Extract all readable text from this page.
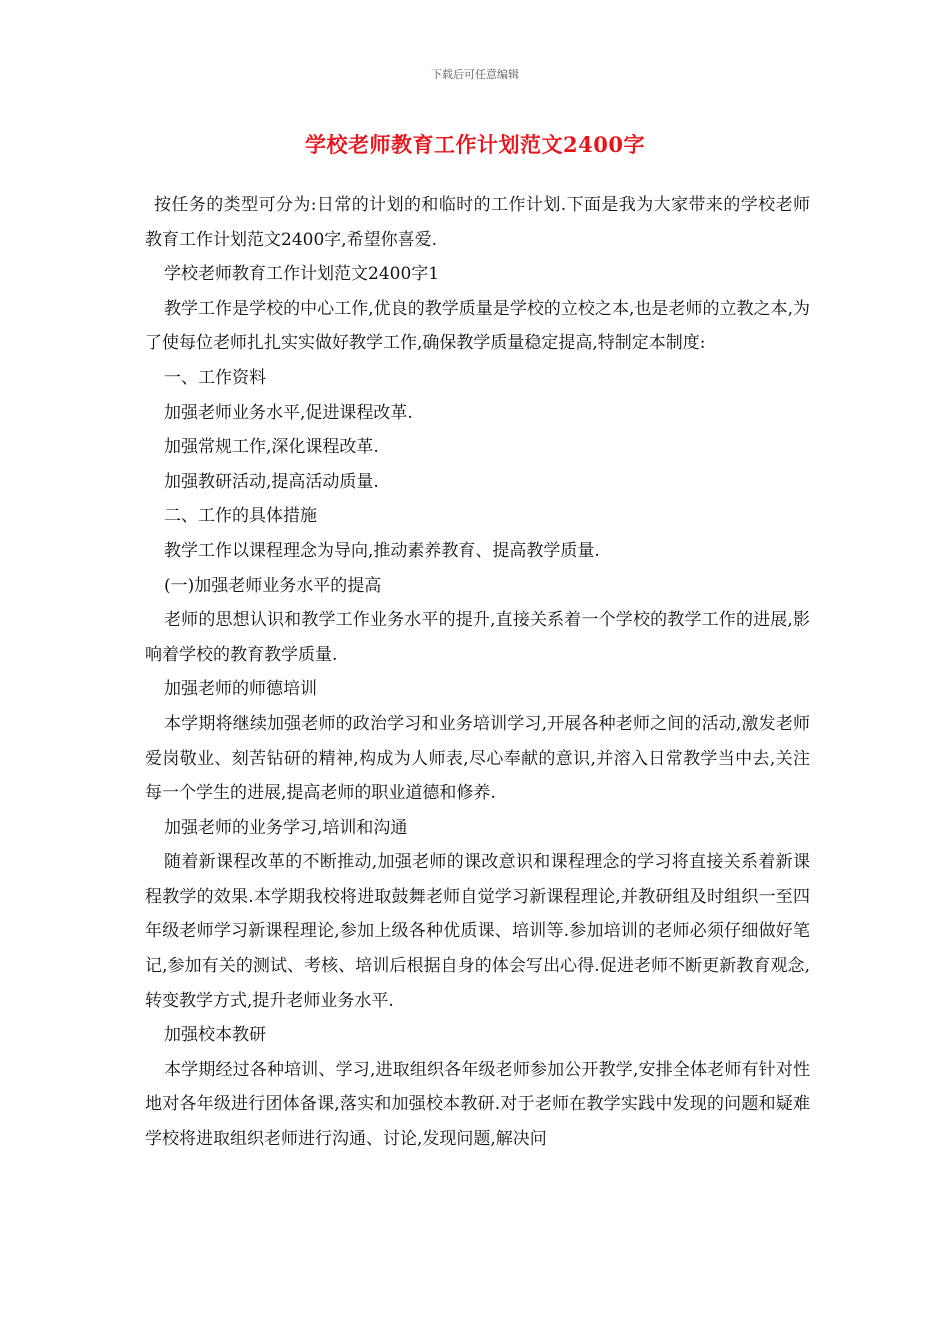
下载后可任意编辑
学校老师教育工作计划范文2400字

按任务的类型可分为:日常的计划的和临时的工作计划.下面是我为大家带来的学校老师教育工作计划范文2400字,希望你喜爱.

学校老师教育工作计划范文2400字1

教学工作是学校的中心工作,优良的教学质量是学校的立校之本,也是老师的立教之本,为了使每位老师扎扎实实做好教学工作,确保教学质量稳定提高,特制定本制度:

一、工作资料

加强老师业务水平,促进课程改革.

加强常规工作,深化课程改革.

加强教研活动,提高活动质量.

二、工作的具体措施

教学工作以课程理念为导向,推动素养教育、提高教学质量.

(一)加强老师业务水平的提高

老师的思想认识和教学工作业务水平的提升,直接关系着一个学校的教学工作的进展,影响着学校的教育教学质量.

加强老师的师德培训

本学期将继续加强老师的政治学习和业务培训学习,开展各种老师之间的活动,激发老师爱岗敬业、刻苦钻研的精神,构成为人师表,尽心奉献的意识,并溶入日常教学当中去,关注每一个学生的进展,提高老师的职业道德和修养.

加强老师的业务学习,培训和沟通

随着新课程改革的不断推动,加强老师的课改意识和课程理念的学习将直接关系着新课程教学的效果.本学期我校将进取鼓舞老师自觉学习新课程理论,并教研组及时组织一至四年级老师学习新课程理论,参加上级各种优质课、培训等.参加培训的老师必须仔细做好笔记,参加有关的测试、考核、培训后根据自身的体会写出心得.促进老师不断更新教育观念,转变教学方式,提升老师业务水平.

加强校本教研

本学期经过各种培训、学习,进取组织各年级老师参加公开教学,安排全体老师有针对性地对各年级进行团体备课,落实和加强校本教研.对于老师在教学实践中发现的问题和疑难学校将进取组织老师进行沟通、讨论,发现问题,解决问
